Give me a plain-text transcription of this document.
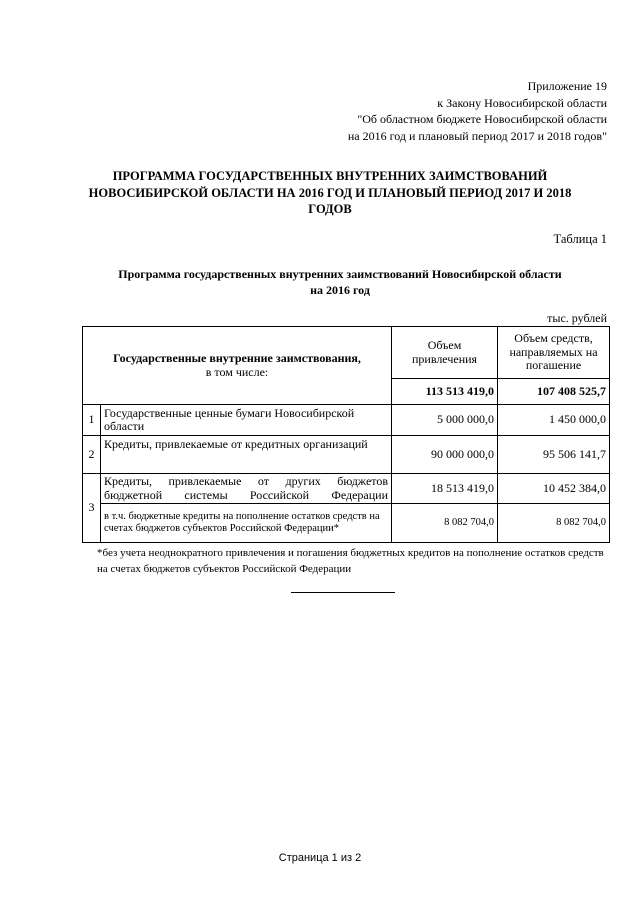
Приложение 19
к Закону Новосибирской области
"Об областном бюджете Новосибирской области
на 2016 год и плановый период 2017 и 2018 годов"
ПРОГРАММА ГОСУДАРСТВЕННЫХ ВНУТРЕННИХ ЗАИМСТВОВАНИЙ
НОВОСИБИРСКОЙ ОБЛАСТИ НА 2016 ГОД И ПЛАНОВЫЙ ПЕРИОД 2017 И 2018
ГОДОВ
Таблица 1
Программа государственных внутренних заимствований Новосибирской области
на 2016 год
тыс. рублей
Государственные внутренние заимствования,
в том числе:		Объем привлечения	Объем средств, направляемых на погашение
		113 513 419,0	107 408 525,7
1	Государственные ценные бумаги Новосибирской области	5 000 000,0	1 450 000,0
2	Кредиты, привлекаемые от кредитных организаций	90 000 000,0	95 506 141,7
3	Кредиты, привлекаемые от других бюджетов бюджетной системы Российской Федерации	18 513 419,0	10 452 384,0
	в т.ч. бюджетные кредиты на пополнение остатков средств на счетах бюджетов субъектов Российской Федерации*	8 082 704,0	8 082 704,0
*без учета неоднократного привлечения и погашения бюджетных кредитов на пополнение остатков средств на счетах бюджетов субъектов Российской Федерации
Страница 1 из 2
